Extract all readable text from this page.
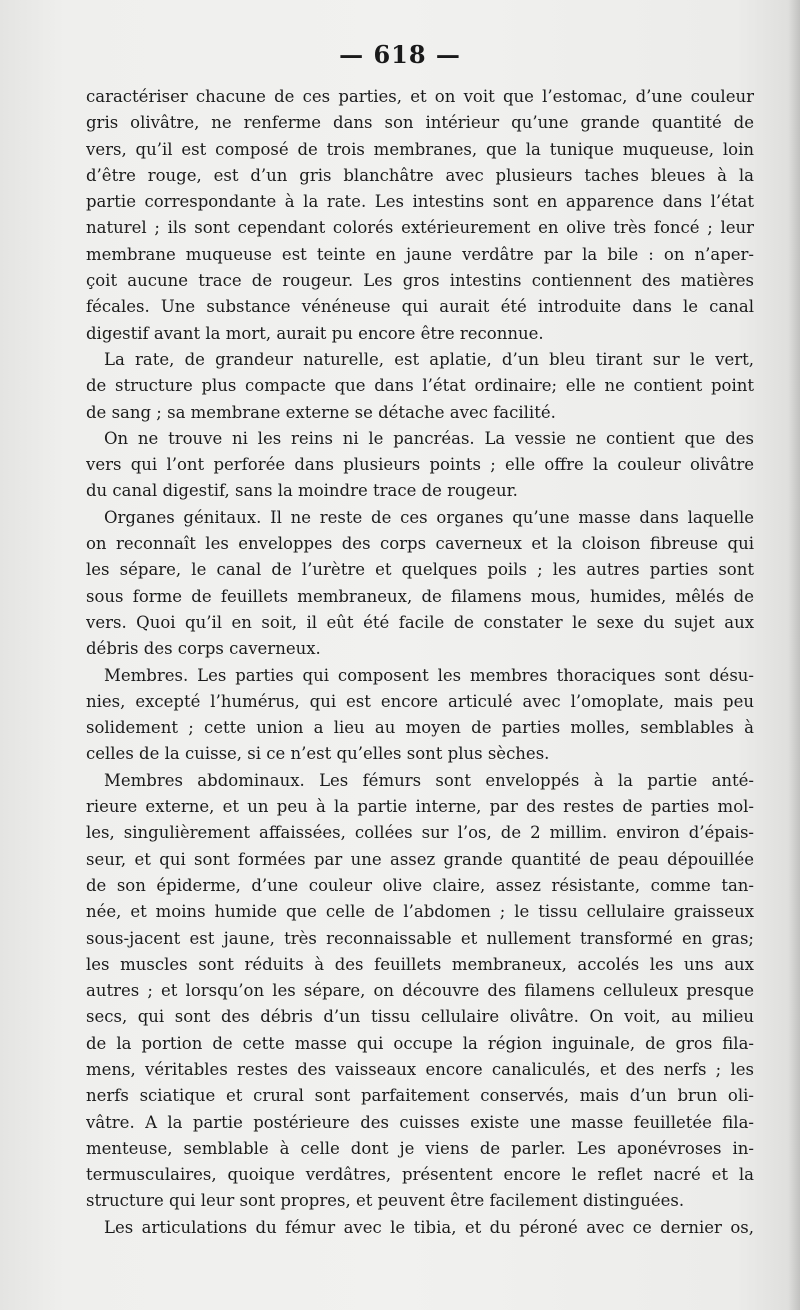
— 618 —
caractériser chacune de ces parties, et on voit que l’estomac, d’une couleur
gris olivâtre, ne renferme dans son intérieur qu’une grande quantité de
vers, qu’il est composé de trois membranes, que la tunique muqueuse, loin
d’être rouge, est d’un gris blanchâtre avec plusieurs taches bleues à la
partie correspondante à la rate. Les intestins sont en apparence dans l’état
naturel ; ils sont cependant colorés extérieurement en olive très foncé ; leur
membrane muqueuse est teinte en jaune verdâtre par la bile : on n’aper-
çoit aucune trace de rougeur. Les gros intestins contiennent des matières
fécales. Une substance vénéneuse qui aurait été introduite dans le canal
digestif avant la mort, aurait pu encore être reconnue.
La rate, de grandeur naturelle, est aplatie, d’un bleu tirant sur le vert,
de structure plus compacte que dans l’état ordinaire; elle ne contient point
de sang ; sa membrane externe se détache avec facilité.
On ne trouve ni les reins ni le pancréas. La vessie ne contient que des
vers qui l’ont perforée dans plusieurs points ; elle offre la couleur olivâtre
du canal digestif, sans la moindre trace de rougeur.
Organes génitaux. Il ne reste de ces organes qu’une masse dans laquelle
on reconnaît les enveloppes des corps caverneux et la cloison fibreuse qui
les sépare, le canal de l’urètre et quelques poils ; les autres parties sont
sous forme de feuillets membraneux, de filamens mous, humides, mêlés de
vers. Quoi qu’il en soit, il eût été facile de constater le sexe du sujet aux
débris des corps caverneux.
Membres. Les parties qui composent les membres thoraciques sont désu-
nies, excepté l’humérus, qui est encore articulé avec l’omoplate, mais peu
solidement ; cette union a lieu au moyen de parties molles, semblables à
celles de la cuisse, si ce n’est qu’elles sont plus sèches.
Membres abdominaux. Les fémurs sont enveloppés à la partie anté-
rieure externe, et un peu à la partie interne, par des restes de parties mol-
les, singulièrement affaissées, collées sur l’os, de 2 millim. environ d’épais-
seur, et qui sont formées par une assez grande quantité de peau dépouillée
de son épiderme, d’une couleur olive claire, assez résistante, comme tan-
née, et moins humide que celle de l’abdomen ; le tissu cellulaire graisseux
sous-jacent est jaune, très reconnaissable et nullement transformé en gras;
les muscles sont réduits à des feuillets membraneux, accolés les uns aux
autres ; et lorsqu’on les sépare, on découvre des filamens celluleux presque
secs, qui sont des débris d’un tissu cellulaire olivâtre. On voit, au milieu
de la portion de cette masse qui occupe la région inguinale, de gros fila-
mens, véritables restes des vaisseaux encore canaliculés, et des nerfs ; les
nerfs sciatique et crural sont parfaitement conservés, mais d’un brun oli-
vâtre. A la partie postérieure des cuisses existe une masse feuilletée fila-
menteuse, semblable à celle dont je viens de parler. Les aponévroses in-
termusculaires, quoique verdâtres, présentent encore le reflet nacré et la
structure qui leur sont propres, et peuvent être facilement distinguées.
Les articulations du fémur avec le tibia, et du péroné avec ce dernier os,
